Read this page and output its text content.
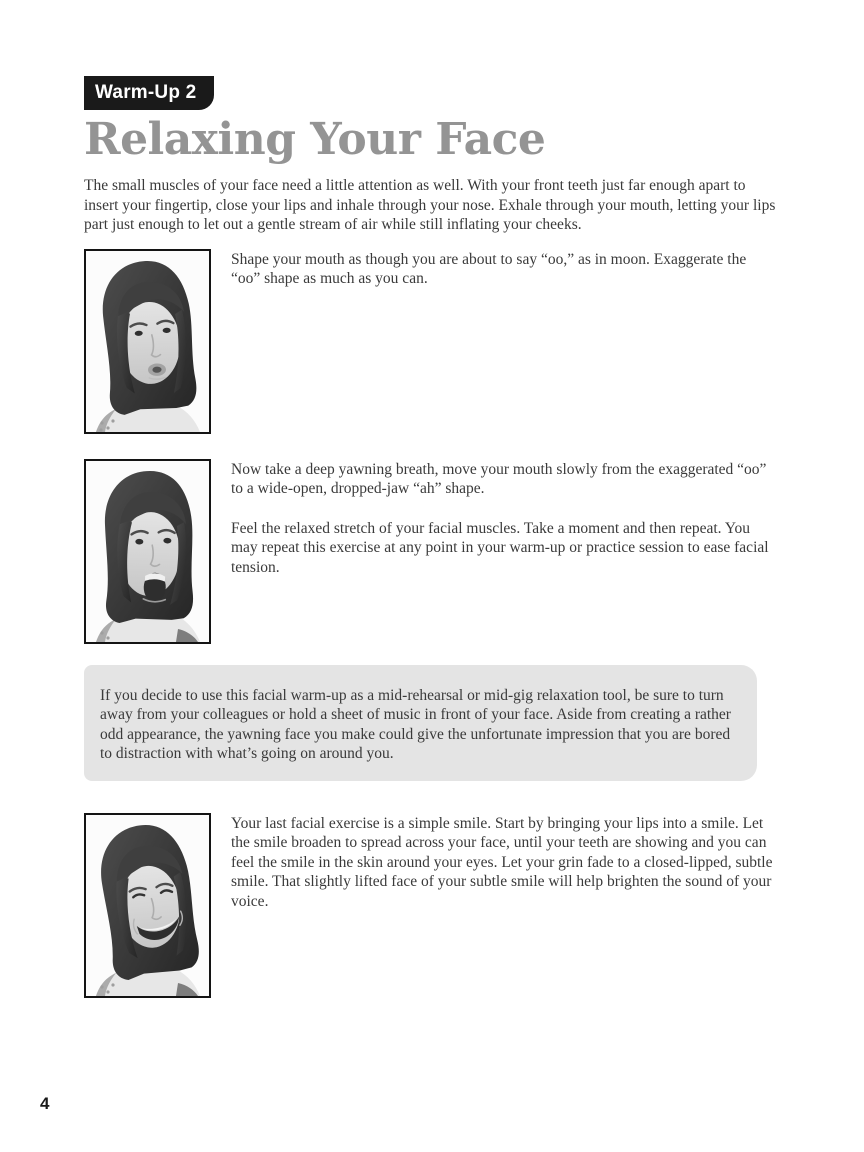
Warm-Up 2
Relaxing Your Face

The small muscles of your face need a little attention as well. With your front teeth just far enough apart to insert your fingertip, close your lips and inhale through your nose. Exhale through your mouth, letting your lips part just enough to let out a gentle stream of air while still inflating your cheeks.

Shape your mouth as though you are about to say “oo,” as in moon. Exaggerate the “oo” shape as much as you can.

Now take a deep yawning breath, move your mouth slowly from the exaggerated “oo” to a wide-open, dropped-jaw “ah” shape.

Feel the relaxed stretch of your facial muscles. Take a moment and then repeat. You may repeat this exercise at any point in your warm-up or practice session to ease facial tension.

If you decide to use this facial warm-up as a mid-rehearsal or mid-gig relaxation tool, be sure to turn away from your colleagues or hold a sheet of music in front of your face. Aside from creating a rather odd appearance, the yawning face you make could give the unfortunate impression that you are bored to distraction with what’s going on around you.

Your last facial exercise is a simple smile. Start by bringing your lips into a smile. Let the smile broaden to spread across your face, until your teeth are showing and you can feel the smile in the skin around your eyes. Let your grin fade to a closed-lipped, subtle smile. That slightly lifted face of your subtle smile will help brighten the sound of your voice.

4
